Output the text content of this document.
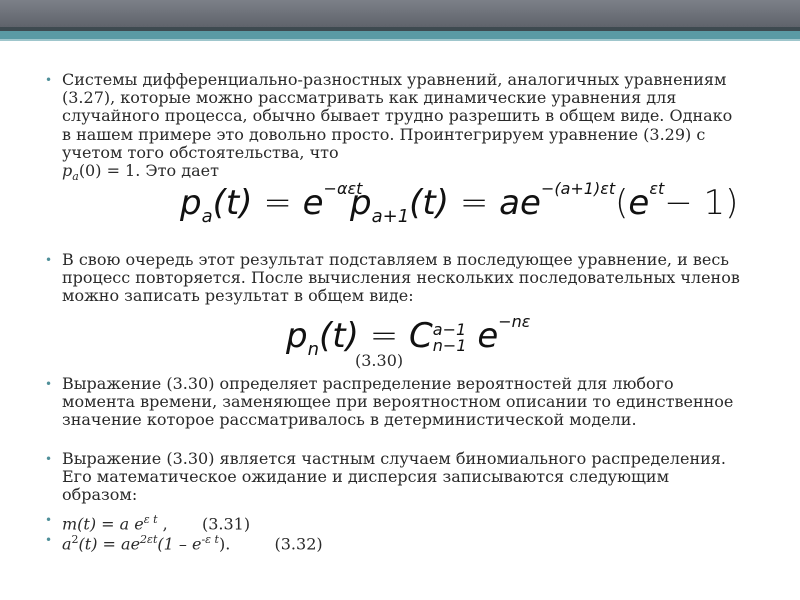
• Системы дифференциально-разностных уравнений, аналогичных уравнениям (3.27), которые можно рассматривать как динамические уравнения для случайного процесса, обычно бывает трудно разрешить в общем виде. Однако в нашем примере это довольно просто. Проинтегрируем уравнение (3.29) с учетом того обстоятельства, что
$p_a(0) = 1$. Это дает
$p_a(t) = e^{-\alpha\varepsilon t}$
$p_{a+1}(t) = ae^{-(a+1)\varepsilon t}(e^{\varepsilon t}- 1)$
• В свою очередь этот результат подставляем в последующее уравнение, и весь процесс повторяется. После вычисления нескольких последовательных членов можно записать результат в общем виде:
$p_n(t) = C$ a−1
n−1 $e^{-n\varepsilon}$
(3.30)
• Выражение (3.30) определяет распределение вероятностей для любого момента времени, заменяющее при вероятностном описании то единственное значение которое рассматривалось в детерминистической модели.
• Выражение (3.30) является частным случаем биномиального распределения. Его математическое ожидание и дисперсия записываются следующим образом:
• m(t) = a $e^{\varepsilon t}$ , (3.31)
• $a^2(t) = ae^{2\varepsilon t}(1 - e^{-\varepsilon t})$.	(3.32)
